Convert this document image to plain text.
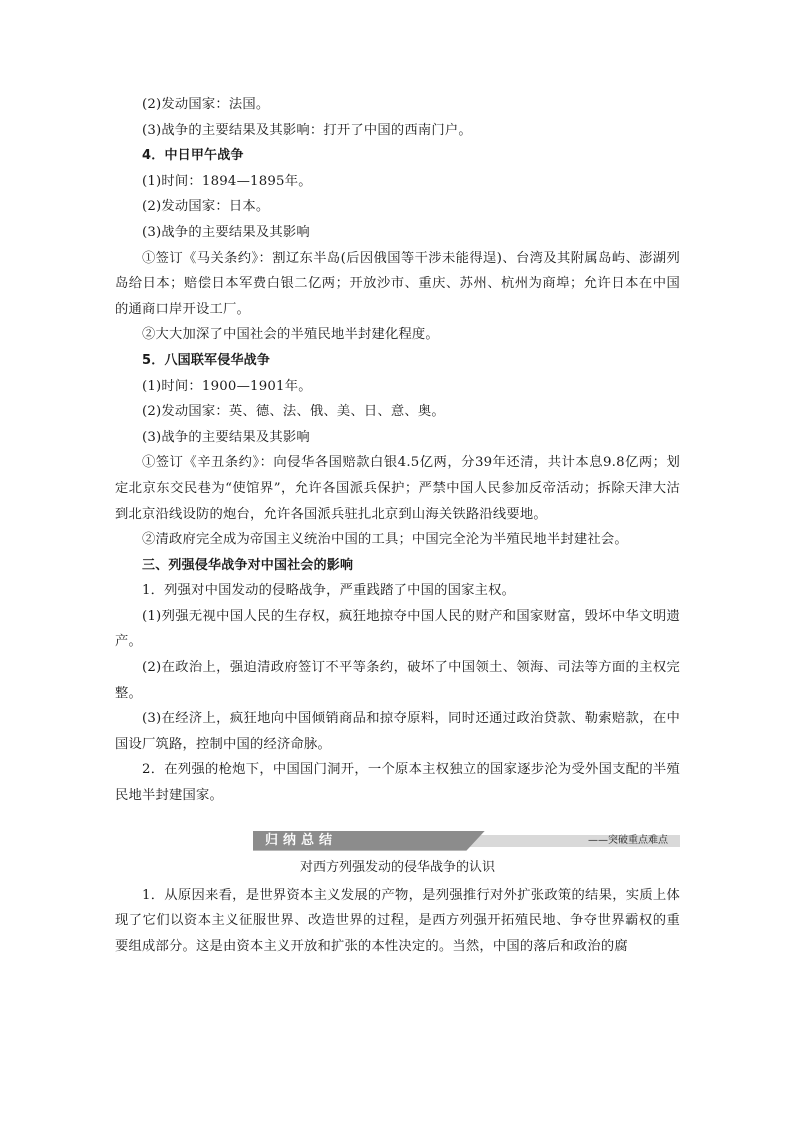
(2)发动国家：法国。

(3)战争的主要结果及其影响：打开了中国的西南门户。

4．中日甲午战争

(1)时间：1894—1895年。

(2)发动国家：日本。

(3)战争的主要结果及其影响

①签订《马关条约》：割辽东半岛(后因俄国等干涉未能得逞)、台湾及其附属岛屿、澎湖列岛给日本；赔偿日本军费白银二亿两；开放沙市、重庆、苏州、杭州为商埠；允许日本在中国的通商口岸开设工厂。

②大大加深了中国社会的半殖民地半封建化程度。

5．八国联军侵华战争

(1)时间：1900—1901年。

(2)发动国家：英、德、法、俄、美、日、意、奥。

(3)战争的主要结果及其影响

①签订《辛丑条约》：向侵华各国赔款白银4.5亿两，分39年还清，共计本息9.8亿两；划定北京东交民巷为“使馆界”，允许各国派兵保护；严禁中国人民参加反帝活动；拆除天津大沽到北京沿线设防的炮台，允许各国派兵驻扎北京到山海关铁路沿线要地。

②清政府完全成为帝国主义统治中国的工具；中国完全沦为半殖民地半封建社会。

三、列强侵华战争对中国社会的影响

1．列强对中国发动的侵略战争，严重践踏了中国的国家主权。

(1)列强无视中国人民的生存权，疯狂地掠夺中国人民的财产和国家财富，毁坏中华文明遗产。

(2)在政治上，强迫清政府签订不平等条约，破坏了中国领土、领海、司法等方面的主权完整。

(3)在经济上，疯狂地向中国倾销商品和掠夺原料，同时还通过政治贷款、勒索赔款，在中国设厂筑路，控制中国的经济命脉。

2．在列强的枪炮下，中国国门洞开，一个原本主权独立的国家逐步沦为受外国支配的半殖民地半封建国家。

归纳总结	——突破重点难点
对西方列强发动的侵华战争的认识

1．从原因来看，是世界资本主义发展的产物，是列强推行对外扩张政策的结果，实质上体现了它们以资本主义征服世界、改造世界的过程，是西方列强开拓殖民地、争夺世界霸权的重要组成部分。这是由资本主义开放和扩张的本性决定的。当然，中国的落后和政治的腐
